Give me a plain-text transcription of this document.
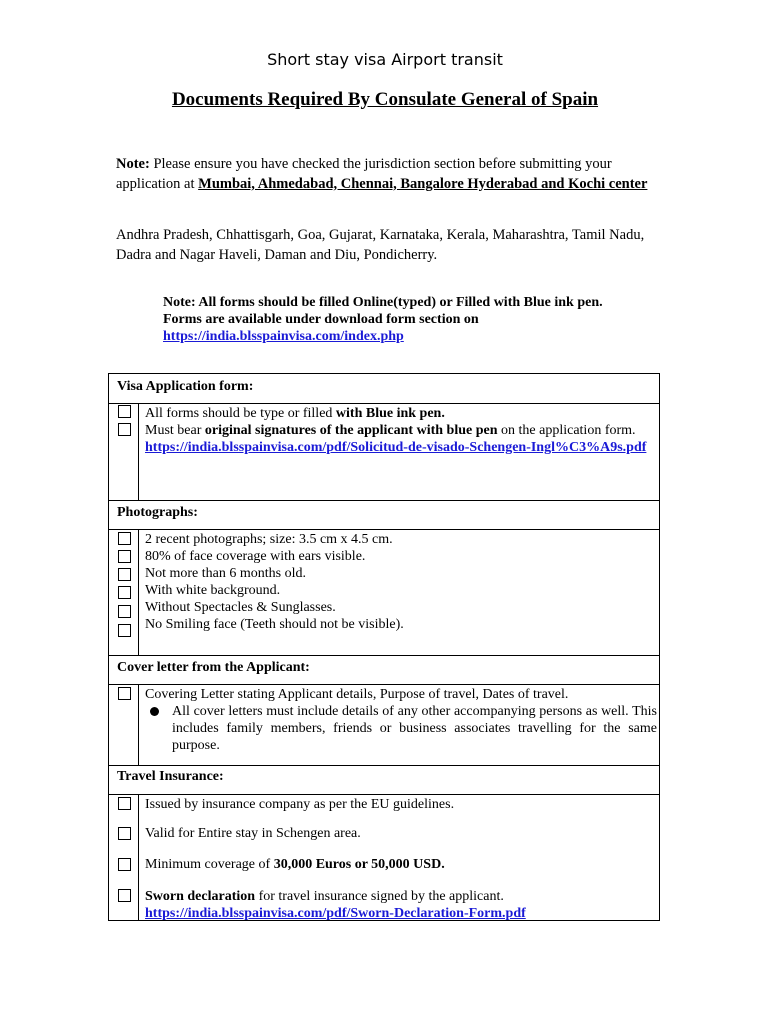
Short stay visa Airport transit
Documents Required By Consulate General of Spain
Note: Please ensure you have checked the jurisdiction section before submitting your application at Mumbai, Ahmedabad, Chennai, Bangalore Hyderabad and Kochi center
Andhra Pradesh, Chhattisgarh, Goa, Gujarat, Karnataka, Kerala, Maharashtra, Tamil Nadu, Dadra and Nagar Haveli, Daman and Diu, Pondicherry.
Note: All forms should be filled Online(typed) or Filled with Blue ink pen.
Forms are available under download form section on
https://india.blsspainvisa.com/index.php
Visa Application form:
All forms should be type or filled with Blue ink pen.
Must bear original signatures of the applicant with blue pen on the application form.
https://india.blsspainvisa.com/pdf/Solicitud-de-visado-Schengen-Ingl%C3%A9s.pdf
Photographs:
2 recent photographs; size: 3.5 cm x 4.5 cm.
80% of face coverage with ears visible.
Not more than 6 months old.
With white background.
Without Spectacles & Sunglasses.
No Smiling face (Teeth should not be visible).
Cover letter from the Applicant:
Covering Letter stating Applicant details, Purpose of travel, Dates of travel.
All cover letters must include details of any other accompanying persons as well. This includes family members, friends or business associates travelling for the same purpose.
Travel Insurance:
Issued by insurance company as per the EU guidelines.
Valid for Entire stay in Schengen area.
Minimum coverage of 30,000 Euros or 50,000 USD.
Sworn declaration for travel insurance signed by the applicant.
https://india.blsspainvisa.com/pdf/Sworn-Declaration-Form.pdf
